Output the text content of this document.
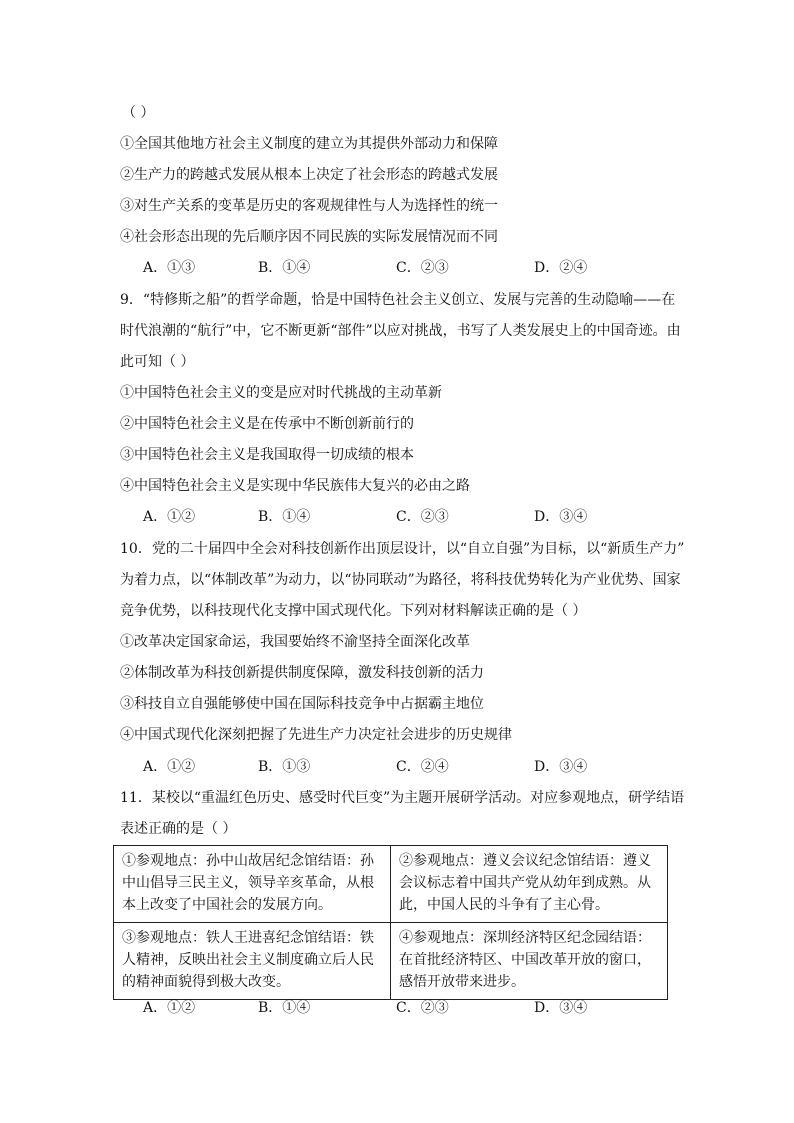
（ ）
①全国其他地方社会主义制度的建立为其提供外部动力和保障
②生产力的跨越式发展从根本上决定了社会形态的跨越式发展
③对生产关系的变革是历史的客观规律性与人为选择性的统一
④社会形态出现的先后顺序因不同民族的实际发展情况而不同
A．①③	B．①④	C．②③	D．②④
9．“特修斯之船”的哲学命题，恰是中国特色社会主义创立、发展与完善的生动隐喻——在
时代浪潮的“航行”中，它不断更新“部件”以应对挑战，书写了人类发展史上的中国奇迹。由
此可知（ ）
①中国特色社会主义的变是应对时代挑战的主动革新
②中国特色社会主义是在传承中不断创新前行的
③中国特色社会主义是我国取得一切成绩的根本
④中国特色社会主义是实现中华民族伟大复兴的必由之路
A．①②	B．①④	C．②③	D．③④
10．党的二十届四中全会对科技创新作出顶层设计，以“自立自强”为目标，以“新质生产力”
为着力点，以“体制改革”为动力，以“协同联动”为路径，将科技优势转化为产业优势、国家
竞争优势，以科技现代化支撑中国式现代化。下列对材料解读正确的是（ ）
①改革决定国家命运，我国要始终不渝坚持全面深化改革
②体制改革为科技创新提供制度保障，激发科技创新的活力
③科技自立自强能够使中国在国际科技竞争中占据霸主地位
④中国式现代化深刻把握了先进生产力决定社会进步的历史规律
A．①②	B．①③	C．②④	D．③④
11．某校以“重温红色历史、感受时代巨变”为主题开展研学活动。对应参观地点，研学结语
表述正确的是（ ）
①参观地点：孙中山故居纪念馆结语：孙中山倡导三民主义，领导辛亥革命，从根本上改变了中国社会的发展方向。	②参观地点：遵义会议纪念馆结语：遵义会议标志着中国共产党从幼年到成熟。从此，中国人民的斗争有了主心骨。
③参观地点：铁人王进喜纪念馆结语：铁人精神，反映出社会主义制度确立后人民的精神面貌得到极大改变。	④参观地点：深圳经济特区纪念园结语：在首批经济特区、中国改革开放的窗口，感悟开放带来进步。
A．①②	B．①④	C．②③	D．③④
